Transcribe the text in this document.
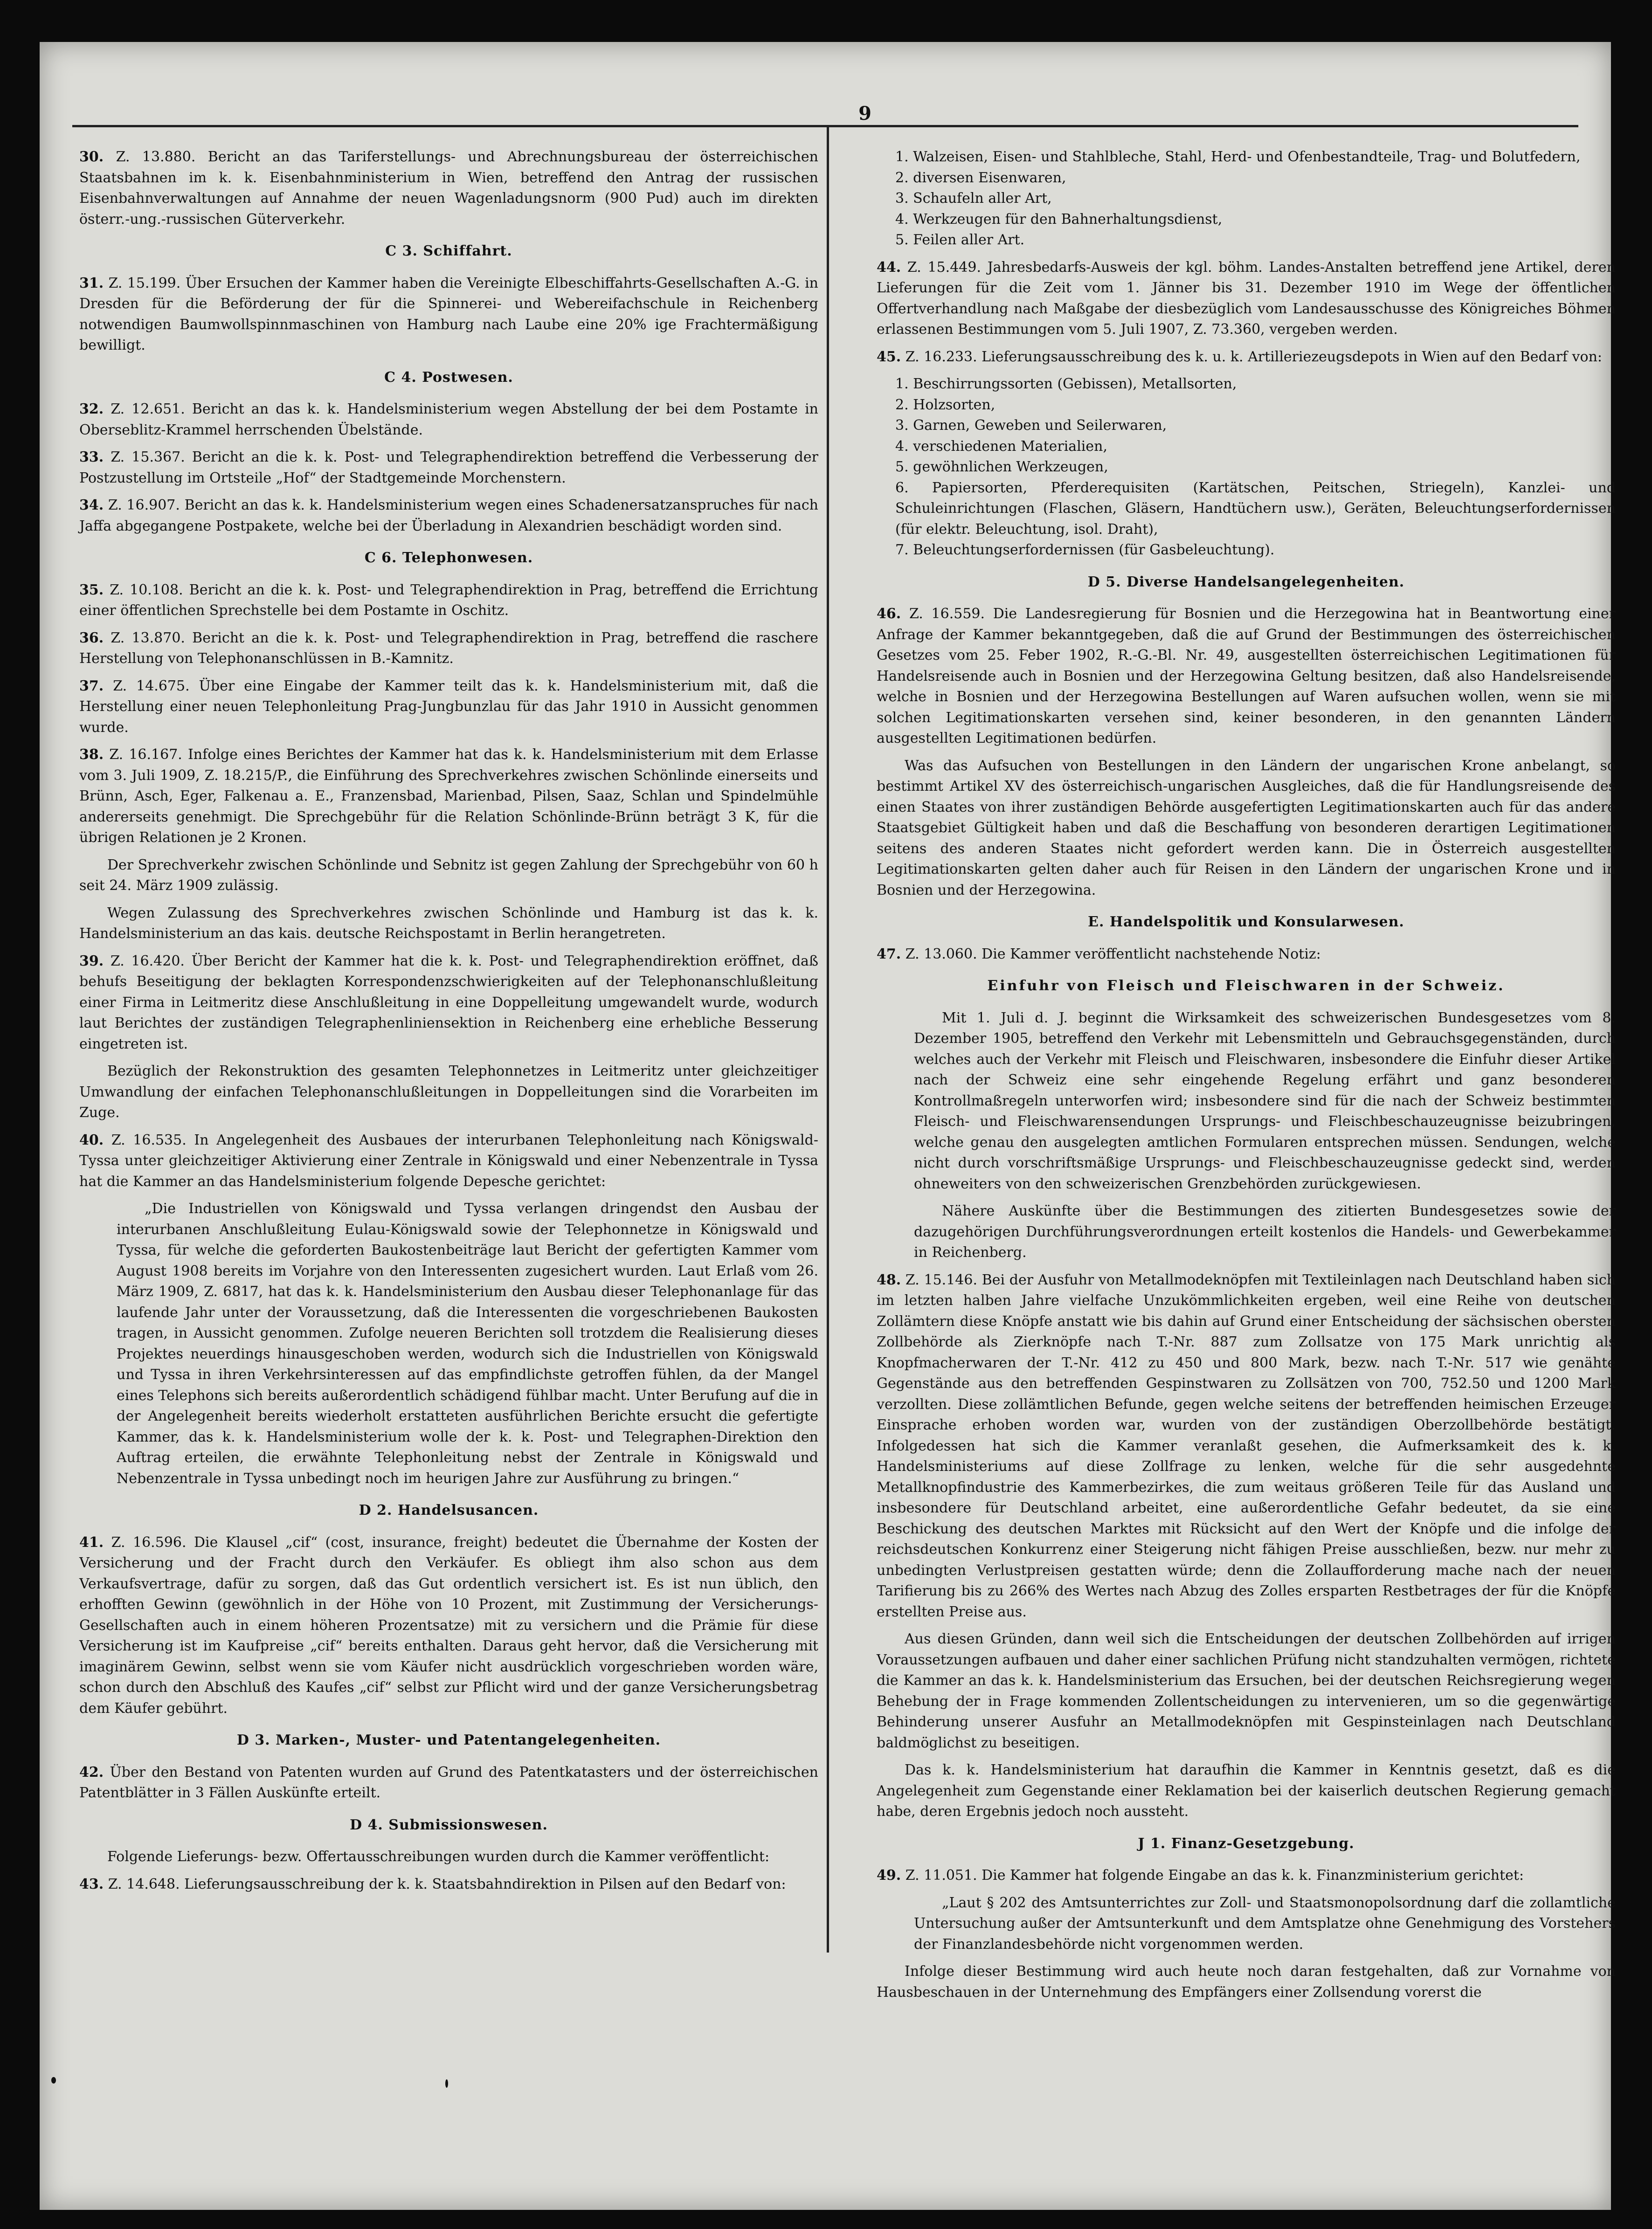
9

30. Z. 13.880. Bericht an das Tariferstellungs- und Abrechnungsbureau der österreichischen Staatsbahnen im k. k. Eisenbahnministerium in Wien, betreffend den Antrag der russischen Eisenbahnverwaltungen auf Annahme der neuen Wagenladungsnorm (900 Pud) auch im direkten österr.-ung.-russischen Güterverkehr.

C 3. Schiffahrt.

31. Z. 15.199. Über Ersuchen der Kammer haben die Vereinigte Elbeschiffahrts-Gesellschaften A.-G. in Dresden für die Beförderung der für die Spinnerei- und Webereifachschule in Reichenberg notwendigen Baumwollspinnmaschinen von Hamburg nach Laube eine 20% ige Frachtermäßigung bewilligt.

C 4. Postwesen.

32. Z. 12.651. Bericht an das k. k. Handelsministerium wegen Abstellung der bei dem Postamte in Oberseblitz-Krammel herrschenden Übelstände.

33. Z. 15.367. Bericht an die k. k. Post- und Telegraphendirektion betreffend die Verbesserung der Postzustellung im Ortsteile „Hof“ der Stadtgemeinde Morchenstern.

34. Z. 16.907. Bericht an das k. k. Handelsministerium wegen eines Schadenersatzanspruches für nach Jaffa abgegangene Postpakete, welche bei der Überladung in Alexandrien beschädigt worden sind.

C 6. Telephonwesen.

35. Z. 10.108. Bericht an die k. k. Post- und Telegraphendirektion in Prag, betreffend die Errichtung einer öffentlichen Sprechstelle bei dem Postamte in Oschitz.

36. Z. 13.870. Bericht an die k. k. Post- und Telegraphendirektion in Prag, betreffend die raschere Herstellung von Telephonanschlüssen in B.-Kamnitz.

37. Z. 14.675. Über eine Eingabe der Kammer teilt das k. k. Handelsministerium mit, daß die Herstellung einer neuen Telephonleitung Prag-Jungbunzlau für das Jahr 1910 in Aussicht genommen wurde.

38. Z. 16.167. Infolge eines Berichtes der Kammer hat das k. k. Handelsministerium mit dem Erlasse vom 3. Juli 1909, Z. 18.215/P., die Einführung des Sprechverkehres zwischen Schönlinde einerseits und Brünn, Asch, Eger, Falkenau a. E., Franzensbad, Marienbad, Pilsen, Saaz, Schlan und Spindelmühle andererseits genehmigt. Die Sprechgebühr für die Relation Schönlinde-Brünn beträgt 3 K, für die übrigen Relationen je 2 Kronen.

Der Sprechverkehr zwischen Schönlinde und Sebnitz ist gegen Zahlung der Sprechgebühr von 60 h seit 24. März 1909 zulässig.

Wegen Zulassung des Sprechverkehres zwischen Schönlinde und Hamburg ist das k. k. Handelsministerium an das kais. deutsche Reichspostamt in Berlin herangetreten.

39. Z. 16.420. Über Bericht der Kammer hat die k. k. Post- und Telegraphendirektion eröffnet, daß behufs Beseitigung der beklagten Korrespondenzschwierigkeiten auf der Telephonanschlußleitung einer Firma in Leitmeritz diese Anschlußleitung in eine Doppelleitung umgewandelt wurde, wodurch laut Berichtes der zuständigen Telegraphenliniensektion in Reichenberg eine erhebliche Besserung eingetreten ist.

Bezüglich der Rekonstruktion des gesamten Telephonnetzes in Leitmeritz unter gleichzeitiger Umwandlung der einfachen Telephonanschlußleitungen in Doppelleitungen sind die Vorarbeiten im Zuge.

40. Z. 16.535. In Angelegenheit des Ausbaues der interurbanen Telephonleitung nach Königswald-Tyssa unter gleichzeitiger Aktivierung einer Zentrale in Königswald und einer Nebenzentrale in Tyssa hat die Kammer an das Handelsministerium folgende Depesche gerichtet:

„Die Industriellen von Königswald und Tyssa verlangen dringendst den Ausbau der interurbanen Anschlußleitung Eulau-Königswald sowie der Telephonnetze in Königswald und Tyssa, für welche die geforderten Baukostenbeiträge laut Bericht der gefertigten Kammer vom August 1908 bereits im Vorjahre von den Interessenten zugesichert wurden. Laut Erlaß vom 26. März 1909, Z. 6817, hat das k. k. Handelsministerium den Ausbau dieser Telephonanlage für das laufende Jahr unter der Voraussetzung, daß die Interessenten die vorgeschriebenen Baukosten tragen, in Aussicht genommen. Zufolge neueren Berichten soll trotzdem die Realisierung dieses Projektes neuerdings hinausgeschoben werden, wodurch sich die Industriellen von Königswald und Tyssa in ihren Verkehrsinteressen auf das empfindlichste getroffen fühlen, da der Mangel eines Telephons sich bereits außerordentlich schädigend fühlbar macht. Unter Berufung auf die in der Angelegenheit bereits wiederholt erstatteten ausführlichen Berichte ersucht die gefertigte Kammer, das k. k. Handelsministerium wolle der k. k. Post- und Telegraphen-Direktion den Auftrag erteilen, die erwähnte Telephonleitung nebst der Zentrale in Königswald und Nebenzentrale in Tyssa unbedingt noch im heurigen Jahre zur Ausführung zu bringen.“

D 2. Handelsusancen.

41. Z. 16.596. Die Klausel „cif“ (cost, insurance, freight) bedeutet die Übernahme der Kosten der Versicherung und der Fracht durch den Verkäufer. Es obliegt ihm also schon aus dem Verkaufsvertrage, dafür zu sorgen, daß das Gut ordentlich versichert ist. Es ist nun üblich, den erhofften Gewinn (gewöhnlich in der Höhe von 10 Prozent, mit Zustimmung der Versicherungs-Gesellschaften auch in einem höheren Prozentsatze) mit zu versichern und die Prämie für diese Versicherung ist im Kaufpreise „cif“ bereits enthalten. Daraus geht hervor, daß die Versicherung mit imaginärem Gewinn, selbst wenn sie vom Käufer nicht ausdrücklich vorgeschrieben worden wäre, schon durch den Abschluß des Kaufes „cif“ selbst zur Pflicht wird und der ganze Versicherungsbetrag dem Käufer gebührt.

D 3. Marken-, Muster- und Patentangelegenheiten.

42. Über den Bestand von Patenten wurden auf Grund des Patentkatasters und der österreichischen Patentblätter in 3 Fällen Auskünfte erteilt.

D 4. Submissionswesen.

Folgende Lieferungs- bezw. Offertausschreibungen wurden durch die Kammer veröffentlicht:

43. Z. 14.648. Lieferungsausschreibung der k. k. Staatsbahndirektion in Pilsen auf den Bedarf von:

1. Walzeisen, Eisen- und Stahlbleche, Stahl, Herd- und Ofenbestandteile, Trag- und Bolutfedern,
2. diversen Eisenwaren,
3. Schaufeln aller Art,
4. Werkzeugen für den Bahnerhaltungsdienst,
5. Feilen aller Art.

44. Z. 15.449. Jahresbedarfs-Ausweis der kgl. böhm. Landes-Anstalten betreffend jene Artikel, deren Lieferungen für die Zeit vom 1. Jänner bis 31. Dezember 1910 im Wege der öffentlichen Offertverhandlung nach Maßgabe der diesbezüglich vom Landesausschusse des Königreiches Böhmen erlassenen Bestimmungen vom 5. Juli 1907, Z. 73.360, vergeben werden.

45. Z. 16.233. Lieferungsausschreibung des k. u. k. Artilleriezeugsdepots in Wien auf den Bedarf von:

1. Beschirrungssorten (Gebissen), Metallsorten,
2. Holzsorten,
3. Garnen, Geweben und Seilerwaren,
4. verschiedenen Materialien,
5. gewöhnlichen Werkzeugen,
6. Papiersorten, Pferderequisiten (Kartätschen, Peitschen, Striegeln), Kanzlei- und Schuleinrichtungen (Flaschen, Gläsern, Handtüchern usw.), Geräten, Beleuchtungserfordernissen (für elektr. Beleuchtung, isol. Draht),
7. Beleuchtungserfordernissen (für Gasbeleuchtung).
D 5. Diverse Handelsangelegenheiten.

46. Z. 16.559. Die Landesregierung für Bosnien und die Herzegowina hat in Beantwortung einer Anfrage der Kammer bekanntgegeben, daß die auf Grund der Bestimmungen des österreichischen Gesetzes vom 25. Feber 1902, R.-G.-Bl. Nr. 49, ausgestellten österreichischen Legitimationen für Handelsreisende auch in Bosnien und der Herzegowina Geltung besitzen, daß also Handelsreisende, welche in Bosnien und der Herzegowina Bestellungen auf Waren aufsuchen wollen, wenn sie mit solchen Legitimationskarten versehen sind, keiner besonderen, in den genannten Ländern ausgestellten Legitimationen bedürfen.

Was das Aufsuchen von Bestellungen in den Ländern der ungarischen Krone anbelangt, so bestimmt Artikel XV des österreichisch-ungarischen Ausgleiches, daß die für Handlungsreisende des einen Staates von ihrer zuständigen Behörde ausgefertigten Legitimationskarten auch für das andere Staatsgebiet Gültigkeit haben und daß die Beschaffung von besonderen derartigen Legitimationen seitens des anderen Staates nicht gefordert werden kann. Die in Österreich ausgestellten Legitimationskarten gelten daher auch für Reisen in den Ländern der ungarischen Krone und in Bosnien und der Herzegowina.

E. Handelspolitik und Konsularwesen.

47. Z. 13.060. Die Kammer veröffentlicht nachstehende Notiz:

Einfuhr von Fleisch und Fleischwaren in der Schweiz.

Mit 1. Juli d. J. beginnt die Wirksamkeit des schweizerischen Bundesgesetzes vom 8. Dezember 1905, betreffend den Verkehr mit Lebensmitteln und Gebrauchsgegenständen, durch welches auch der Verkehr mit Fleisch und Fleischwaren, insbesondere die Einfuhr dieser Artikel nach der Schweiz eine sehr eingehende Regelung erfährt und ganz besonderen Kontrollmaßregeln unterworfen wird; insbesondere sind für die nach der Schweiz bestimmten Fleisch- und Fleischwarensendungen Ursprungs- und Fleischbeschauzeugnisse beizubringen, welche genau den ausgelegten amtlichen Formularen entsprechen müssen. Sendungen, welche nicht durch vorschriftsmäßige Ursprungs- und Fleischbeschauzeugnisse gedeckt sind, werden ohneweiters von den schweizerischen Grenzbehörden zurückgewiesen.

Nähere Auskünfte über die Bestimmungen des zitierten Bundesgesetzes sowie der dazugehörigen Durchführungsverordnungen erteilt kostenlos die Handels- und Gewerbekammer in Reichenberg.

48. Z. 15.146. Bei der Ausfuhr von Metallmodeknöpfen mit Textileinlagen nach Deutschland haben sich im letzten halben Jahre vielfache Unzukömmlichkeiten ergeben, weil eine Reihe von deutschen Zollämtern diese Knöpfe anstatt wie bis dahin auf Grund einer Entscheidung der sächsischen obersten Zollbehörde als Zierknöpfe nach T.-Nr. 887 zum Zollsatze von 175 Mark unrichtig als Knopfmacherwaren der T.-Nr. 412 zu 450 und 800 Mark, bezw. nach T.-Nr. 517 wie genähte Gegenstände aus den betreffenden Gespinstwaren zu Zollsätzen von 700, 752.50 und 1200 Mark verzollten. Diese zollämtlichen Befunde, gegen welche seitens der betreffenden heimischen Erzeuger Einsprache erhoben worden war, wurden von der zuständigen Oberzollbehörde bestätigt. Infolgedessen hat sich die Kammer veranlaßt gesehen, die Aufmerksamkeit des k. k. Handelsministeriums auf diese Zollfrage zu lenken, welche für die sehr ausgedehnte Metallknopfindustrie des Kammerbezirkes, die zum weitaus größeren Teile für das Ausland und insbesondere für Deutschland arbeitet, eine außerordentliche Gefahr bedeutet, da sie eine Beschickung des deutschen Marktes mit Rücksicht auf den Wert der Knöpfe und die infolge der reichsdeutschen Konkurrenz einer Steigerung nicht fähigen Preise ausschließen, bezw. nur mehr zu unbedingten Verlustpreisen gestatten würde; denn die Zollaufforderung mache nach der neuen Tarifierung bis zu 266% des Wertes nach Abzug des Zolles ersparten Restbetrages der für die Knöpfe erstellten Preise aus.

Aus diesen Gründen, dann weil sich die Entscheidungen der deutschen Zollbehörden auf irrigen Voraussetzungen aufbauen und daher einer sachlichen Prüfung nicht standzuhalten vermögen, richtete die Kammer an das k. k. Handelsministerium das Ersuchen, bei der deutschen Reichsregierung wegen Behebung der in Frage kommenden Zollentscheidungen zu intervenieren, um so die gegenwärtige Behinderung unserer Ausfuhr an Metallmodeknöpfen mit Gespinsteinlagen nach Deutschland baldmöglichst zu beseitigen.

Das k. k. Handelsministerium hat daraufhin die Kammer in Kenntnis gesetzt, daß es die Angelegenheit zum Gegenstande einer Reklamation bei der kaiserlich deutschen Regierung gemacht habe, deren Ergebnis jedoch noch aussteht.

J 1. Finanz-Gesetzgebung.

49. Z. 11.051. Die Kammer hat folgende Eingabe an das k. k. Finanzministerium gerichtet:

„Laut § 202 des Amtsunterrichtes zur Zoll- und Staatsmonopolsordnung darf die zollamtliche Untersuchung außer der Amtsunterkunft und dem Amtsplatze ohne Genehmigung des Vorstehers der Finanzlandesbehörde nicht vorgenommen werden.

Infolge dieser Bestimmung wird auch heute noch daran festgehalten, daß zur Vornahme von Hausbeschauen in der Unternehmung des Empfängers einer Zollsendung vorerst die
